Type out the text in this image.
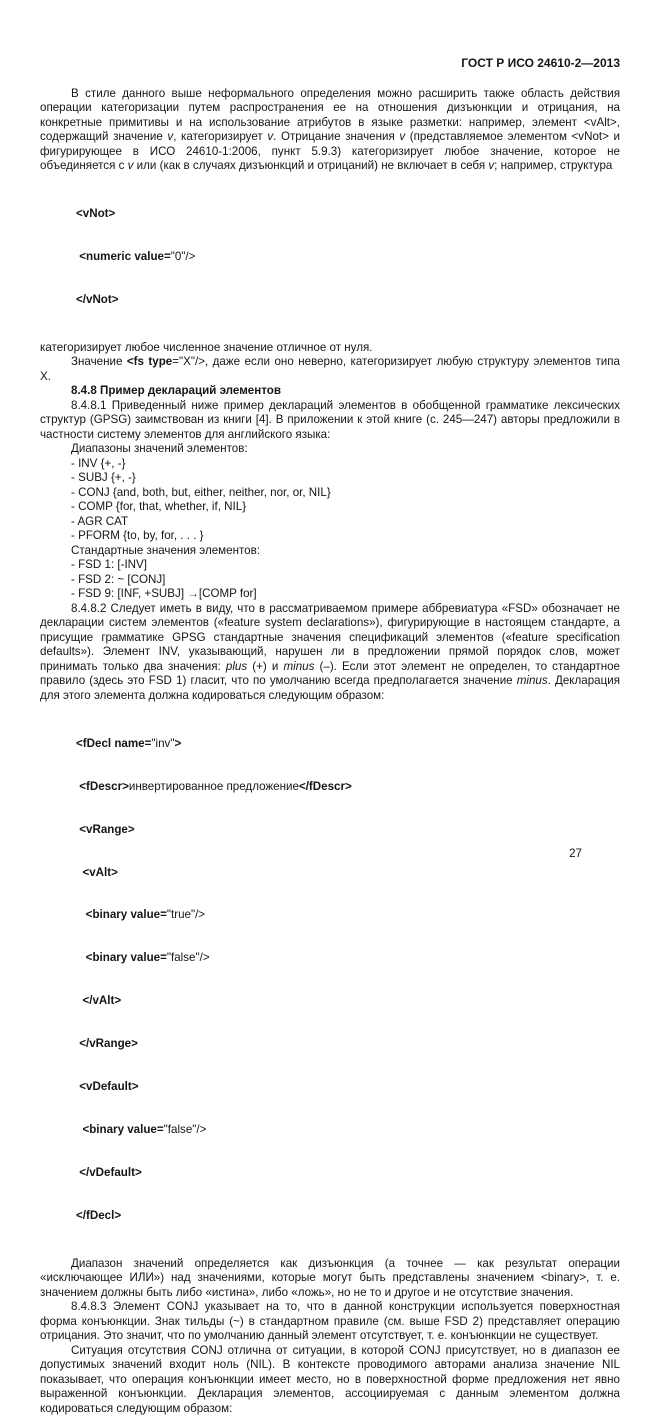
ГОСТ Р ИСО 24610-2—2013

В стиле данного выше неформального определения можно расширить также область действия операции категоризации путем распространения ее на отношения дизъюнкции и отрицания, на конкретные примитивы и на использование атрибутов в языке разметки: например, элемент <vAlt>, содержащий значение v, категоризирует v. Отрицание значения v (представляемое элементом <vNot> и фигурирующее в ИСО 24610-1:2006, пункт 5.9.3) категоризирует любое значение, которое не объединяется с v или (как в случаях дизъюнкций и отрицаний) не включает в себя v; например, структура

<vNot>

<numeric value="0"/>

</vNot>

категоризирует любое численное значение отличное от нуля.

Значение <fs type="X"/>, даже если оно неверно, категоризирует любую структуру элементов типа X.

8.4.8 Пример деклараций элементов

8.4.8.1 Приведенный ниже пример деклараций элементов в обобщенной грамматике лексических структур (GPSG) заимствован из книги [4]. В приложении к этой книге (с. 245—247) авторы предложили в частности систему элементов для английского языка:

Диапазоны значений элементов:

- INV {+, -}
- SUBJ {+, -}
- CONJ {and, both, but, either, neither, nor, or, NIL}
- COMP {for, that, whether, if, NIL}
- AGR CAT
- PFORM {to, by, for, . . . }

Стандартные значения элементов:

- FSD 1: [-INV]
- FSD 2: ~ [CONJ]
- FSD 9: [INF, +SUBJ] →[COMP for]

8.4.8.2 Следует иметь в виду, что в рассматриваемом примере аббревиатура «FSD» обозначает не декларации систем элементов («feature system declarations»), фигурирующие в настоящем стандарте, а присущие грамматике GPSG стандартные значения спецификаций элементов («feature specification defaults»). Элемент INV, указывающий, нарушен ли в предложении прямой порядок слов, может принимать только два значения: plus (+) и minus (–). Если этот элемент не определен, то стандартное правило (здесь это FSD 1) гласит, что по умолчанию всегда предполагается значение minus. Декларация для этого элемента должна кодироваться следующим образом:

<fDecl name="inv">

<fDescr>инвертированное предложение</fDescr>

<vRange>

<vAlt>

<binary value="true"/>

<binary value="false"/>

</vAlt>

</vRange>

<vDefault>

<binary value="false"/>

</vDefault>

</fDecl>

Диапазон значений определяется как дизъюнкция (а точнее — как результат операции «исключающее ИЛИ») над значениями, которые могут быть представлены значением <binary>, т. е. значением должны быть либо «истина», либо «ложь», но не то и другое и не отсутствие значения.

8.4.8.3 Элемент CONJ указывает на то, что в данной конструкции используется поверхностная форма конъюнкции. Знак тильды (~) в стандартном правиле (см. выше FSD 2) представляет операцию отрицания. Это значит, что по умолчанию данный элемент отсутствует, т. е. конъюнкции не существует.

Ситуация отсутствия CONJ отлична от ситуации, в которой CONJ присутствует, но в диапазон ее допустимых значений входит ноль (NIL). В контексте проводимого авторами анализа значение NIL показывает, что операция конъюнкции имеет место, но в поверхностной форме предложения нет явно выраженной конъюнкции. Декларация элементов, ассоциируемая с данным элементом должна кодироваться следующим образом:

27
